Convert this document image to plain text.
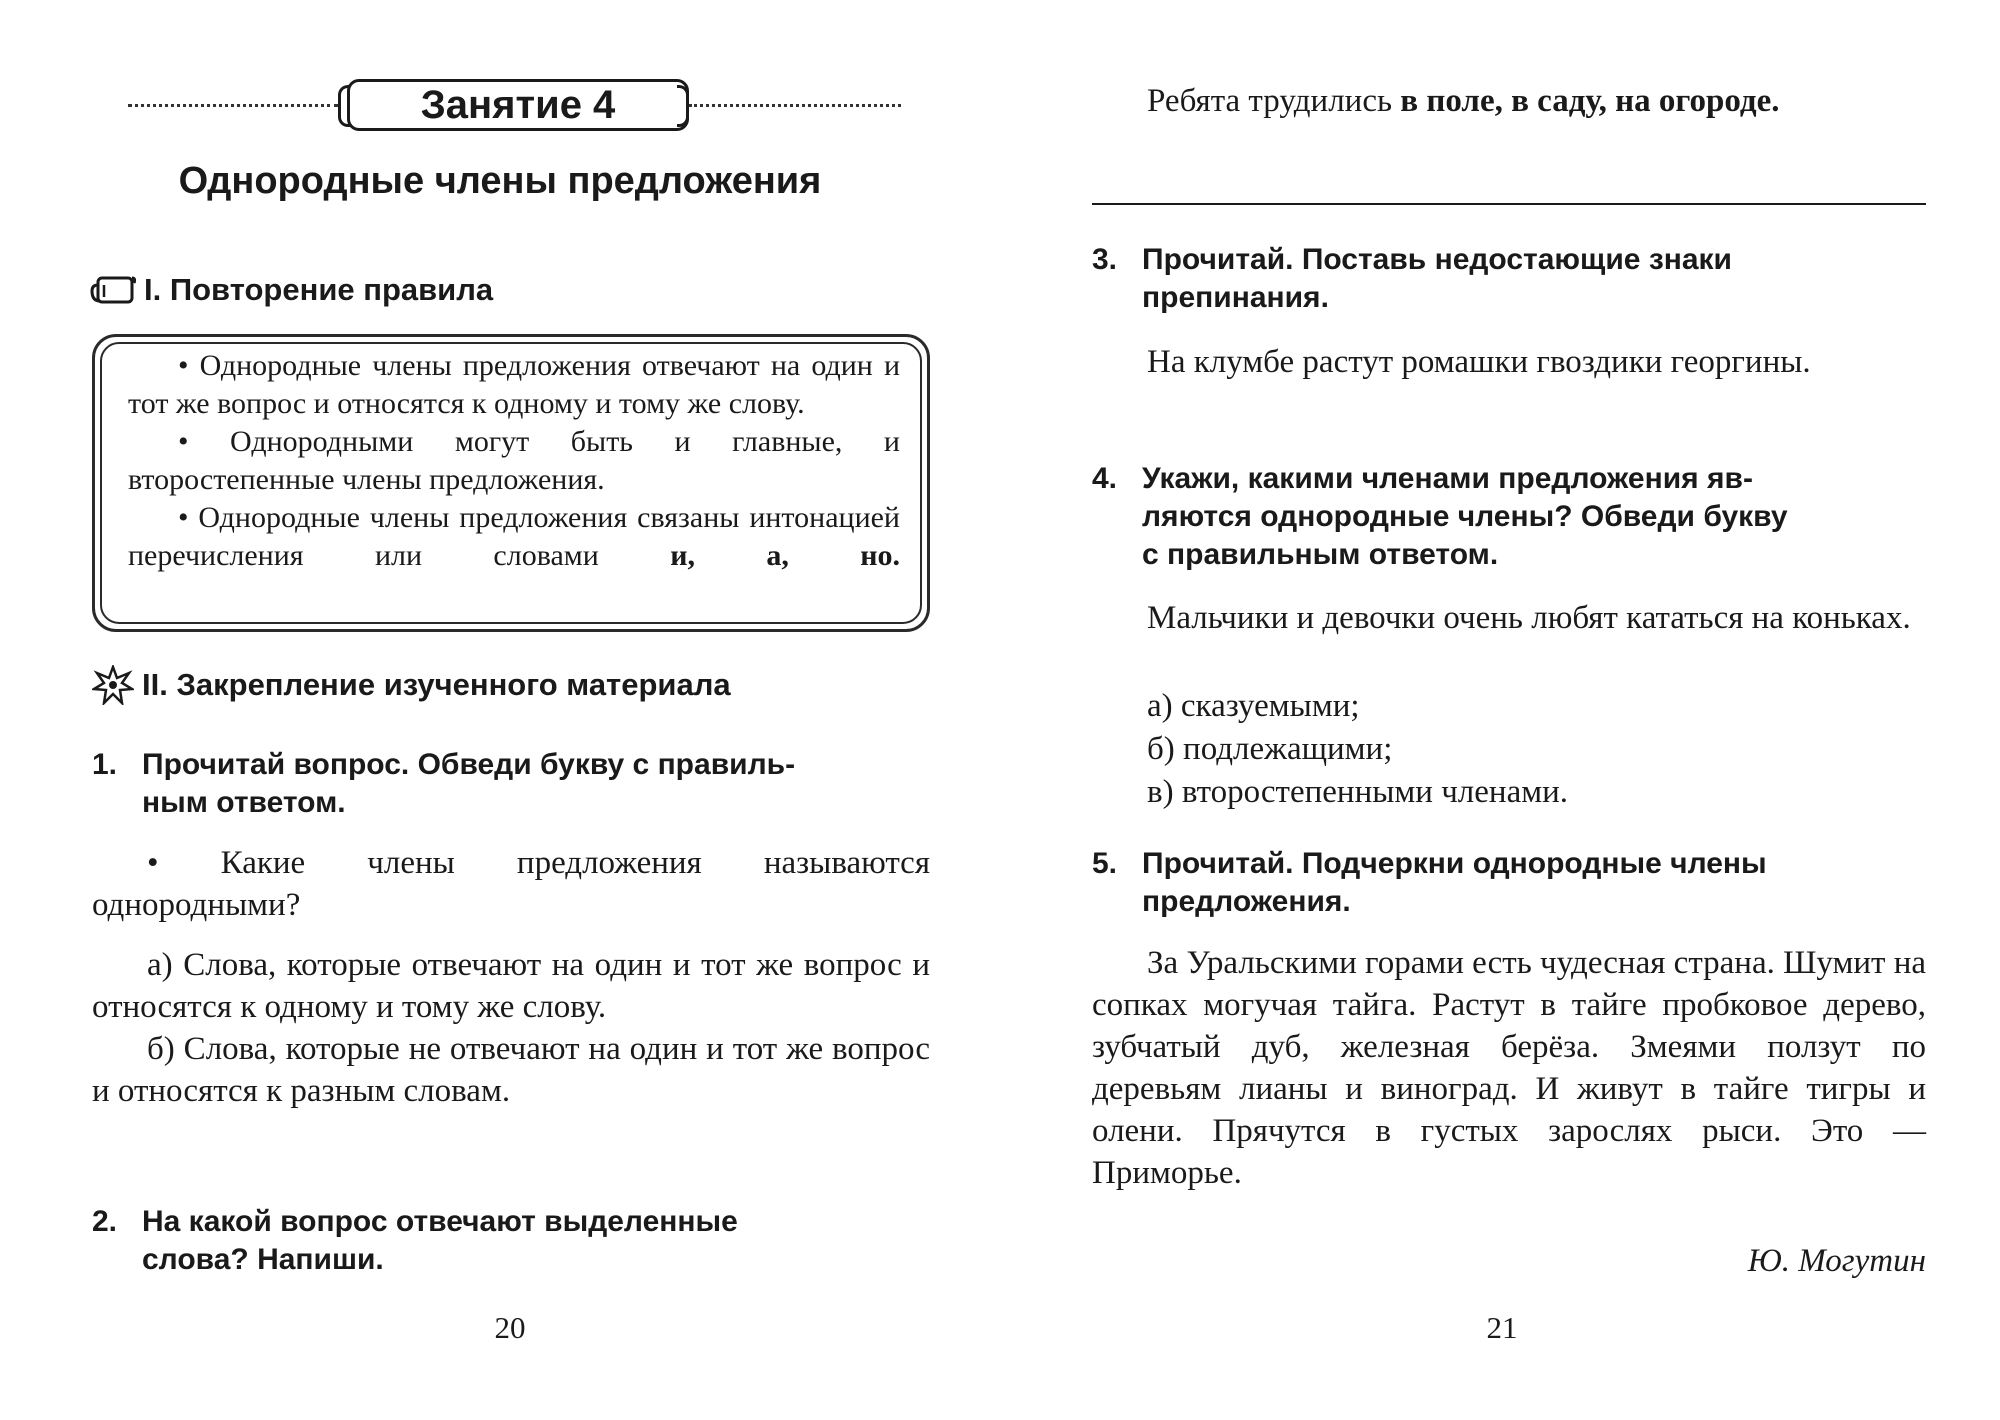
Занятие 4
Однородные члены предложения
I. Повторение правила

• Однородные члены предложения отвечают на один и тот же вопрос и относятся к одному и тому же слову.

• Однородными могут быть и главные, и второстепенные члены предложения.

• Однородные члены предложения связаны интонацией перечисления или словами и, а, но.

II. Закрепление изученного материала
1. Прочитай вопрос. Обведи букву с правиль-
ным ответом.

• Какие члены предложения называются однородными?

а) Слова, которые отвечают на один и тот же вопрос и относятся к одному и тому же слову.

б) Слова, которые не отвечают на один и тот же вопрос и относятся к разным словам.

2. На какой вопрос отвечают выделенные
слова? Напиши.
20

Ребята трудились в поле, в саду, на огороде.

3. Прочитай. Поставь недостающие знаки
препинания.

На клумбе растут ромашки гвоздики георгины.

4. Укажи, какими членами предложения яв-
ляются однородные члены? Обведи букву
с правильным ответом.

Мальчики и девочки очень любят кататься на коньках.

а) сказуемыми;

б) подлежащими;

в) второстепенными членами.

5. Прочитай. Подчеркни однородные члены
предложения.

За Уральскими горами есть чудесная страна. Шумит на сопках могучая тайга. Растут в тайге пробковое дерево, зубчатый дуб, железная берёза. Змеями ползут по деревьям лианы и виноград. И живут в тайге тигры и олени. Прячутся в густых зарослях рыси. Это — Приморье.

Ю. Могутин
21
